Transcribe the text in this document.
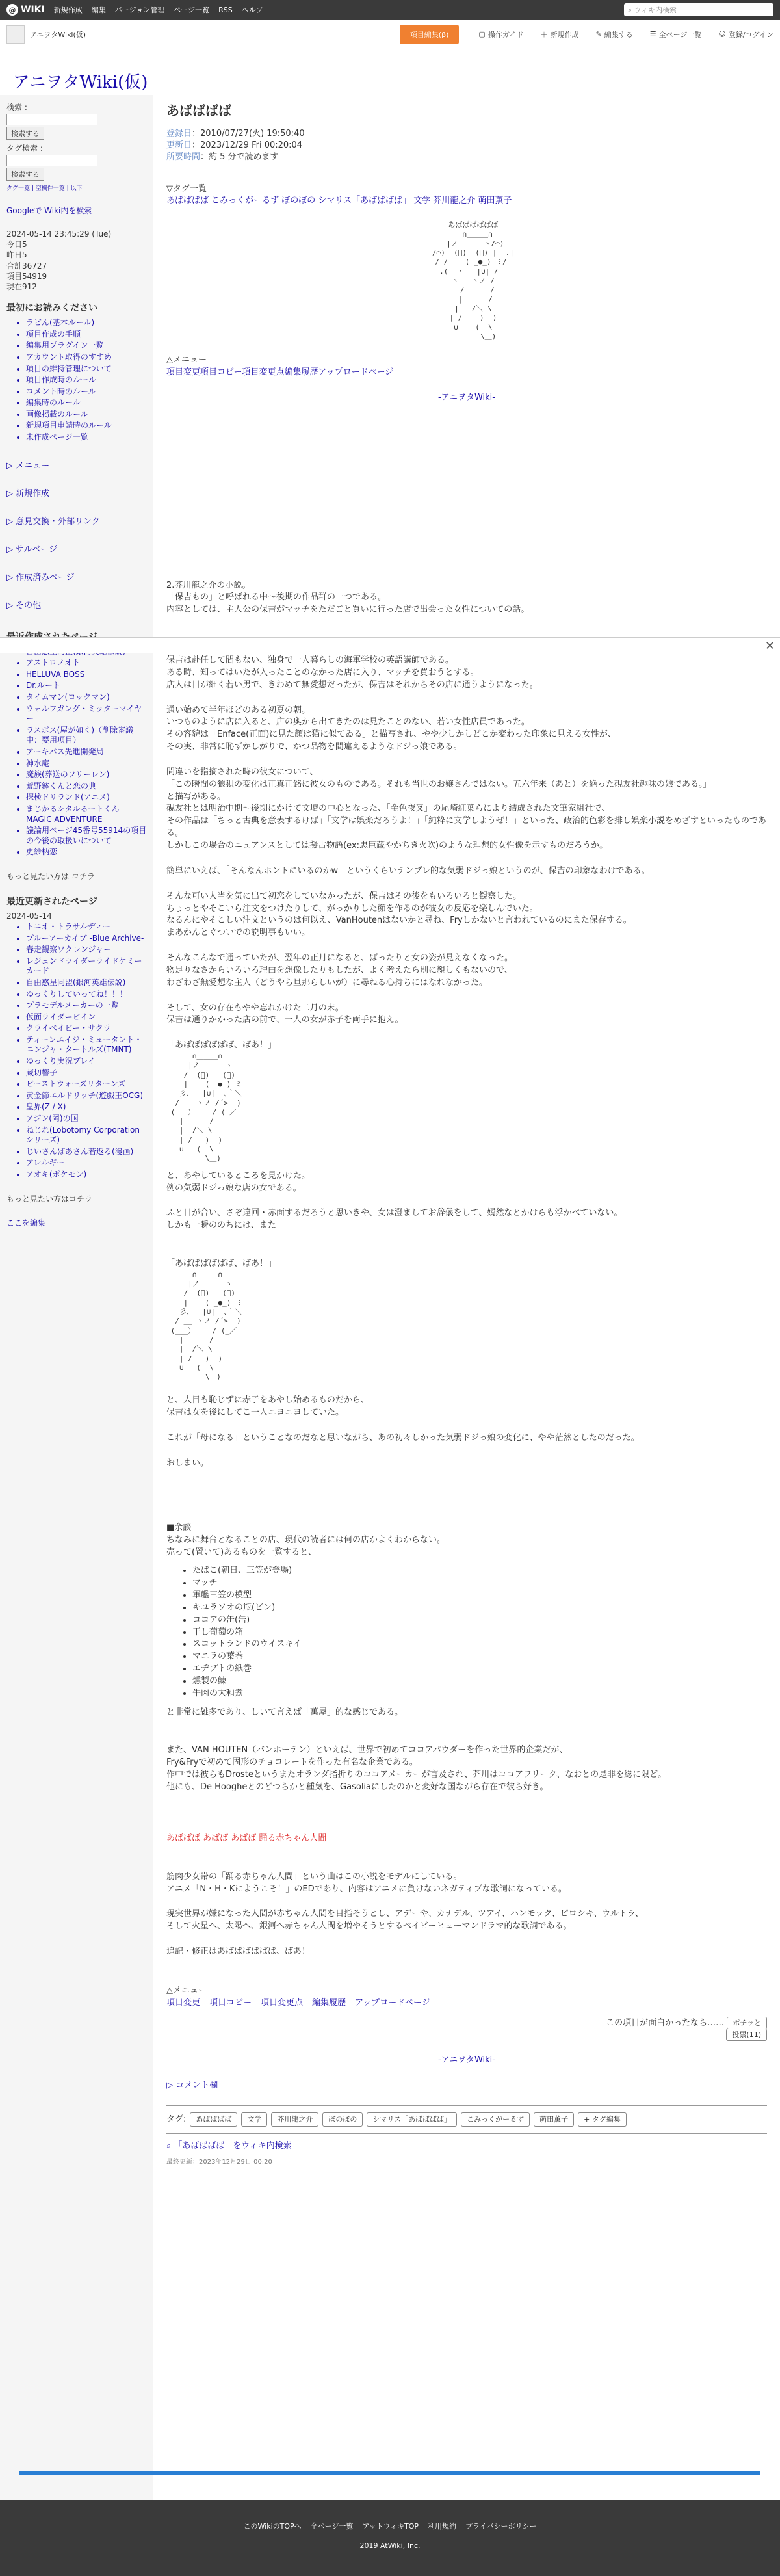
@ WIKI 新規作成 編集 バージョン管理 ページ一覧 RSS ヘルプ	⌕ ウィキ内検索
アニヲタWiki(仮)	項目編集(β)	▢ 操作ガイド ＋ 新規作成 ✎ 編集する ☰ 全ページ一覧 ☺ 登録/ログイン
アニヲタWiki(仮)
検索 :
検索する
タグ検索 :
検索する
タグ一覧 | 空欄件一覧 | 以下
Googleで Wiki内を検索
2024-05-14 23:45:29 (Tue)
今日5
昨日5
合計36727
項目54919
現在912
最初にお読みください
• ラビん(基本ルール)
• 項目作成の手順
• 編集用プラグイン一覧
• アカウント取得のすすめ
• 項目の維持管理について
• 項目作成時のルール
• コメント時のルール
• 編集時のルール
• 画像掲載のルール
• 新規項目申請時のルール
• 未作成ページ一覧
▷ メニュー
▷ 新規作成
▷ 意見交換・外部リンク
▷ サルベージ
▷ 作成済みページ
▷ その他
•
• アストロノオト
• HELLUVA BOSS
• Dr.ルート
• タイムマン(ロックマン)
• ウォルフガング・ミッターマイヤー
• ラスボス(屋が如く)（削除審議中：要用项目）
• アーキバス先進開発局
• 神水庵
• 魔族(葬送のフリーレン)
• 荒野鉢くんと恋の典
• 探検ドリランド(アニメ)
• まじかるシタルるートくん MAGIC ADVENTURE
• 議論用ページ45番号55914の項目の今後の取扱いについて
• 更紗柄恋
もっと見たい方は コチラ
最近更新されたページ
2024-05-14
• トニオ・トラサルディー
• ブルーアーカイブ -Blue Archive-
• 春走観察ワクレンジャー
• レジェンドライダーライドケミーカード
• 自由惑星同盟(銀河英雄伝説)
• ゆっくりしていってね！！！
• プラモデルメーカーの一覧
• 仮面ライダービイン
• クライベイビー・サクラ
• ティーンエイジ・ミュータント・ニンジャ・タートルズ(TMNT)
• ゆっくり実況プレイ
• 蔵切響子
• ビーストウォーズリターンズ
• 黄金節エルドリッチ(遊戯王OCG)
• 皇界(Z / X)
• アジン(岡)の国
• ねじれ(Lobotomy Corporationシリーズ)
• じいさんばあさん若返る(漫画)
• アレルギー
• アオキ(ポケモン)
もっと見たい方はコチラ
ここを編集
あばばばば
登録日：2010/07/27(火) 19:50:40
更新日：2023/12/29 Fri 00:20:04
所要時間：約 5 分で読めます
▽タグ一覧
あばばばば こみっくがーるず ぼのぼの シマリス「あばばばば」 文学 芥川龍之介 萌田薫子
あばばばばばば
∩＿＿＿∩
|ノ      ヽ/⌒)
/⌒)  (ﾟ)  (ﾟ) |  .|
/ /    ( _●_) ミ/
.(  ヽ   |∪| /
ヽ   ヽノ /
/      /
|      /
|   /＼ \
| /    )  )
∪    (  \
\＿)
△メニュー
項目変更項目コピー項目変更点編集履歴アップロードページ
-アニヲタWiki-

2.芥川龍之介の小説。

「保吉もの」と呼ばれる中～後期の作品群の一つである。

内容としては、主人公の保吉がマッチをただごと買いに行った店で出会った女性についての話。

保吉は赴任して間もない、独身で一人暮らしの海軍学校の英語講師である。

ある時、知ってはいたが入ったことのなかった店に入り、マッチを買おうとする。

店人は目が細く若い男で、きわめて無愛想だったが、保吉はそれからその店に通うようになった。

通い始めて半年ほどのある初夏の朝。

いつものように店に入ると、店の奥から出てきたのは見たことのない、若い女性店員であった。

その容貌は「Enface(正面)に見た顔は猫に似てゐる」と描写され、やや少しかしどこか変わった印象に見える女性が、

その実、非常に恥ずかしがりで、かつ品物を間違えるようなドジっ娘である。

間違いを指摘された時の彼女について、

「この瞬間の狼狽の変化は正真正銘に彼女のものである。それも当世のお嬢さんではない。五六年来（あと）を絶った硯友社趣味の娘である。」

と描写がある。

硯友社とは明治中期～後期にかけて文壇の中心となった、「金色夜叉」の尾崎紅葉らにより結成された文筆家組社で、

その作品は「ちっと古典を意表するけば」「文学は娯楽だろうよ！」「純粋に文学しようぜ！」といった、政治的色彩を排し娯楽小説をめざすといったものである。

しかしこの場合のニュアンスとしては擬古物語(ex:忠臣蔵やかちき火吹)のような理想的女性像を示すものだろうか。

簡単にいえば、「そんなんホントにいるのかw」というくらいテンプレ的な気弱ドジっ娘というのが、保吉の印象なわけである。

そんな可い人当を気に出て初恋をしていなかったが、保吉はその後をもいろいろと観察した。

ちょっとやそこいら注文をつけたりして、がっかりした顔を作るのが彼女の反応を楽しんでいた。

なるんにやそこしい注文というのは何以え、VanHoutenはないかと尋ね、Fryしかないと言われているのにまた保存する。

まあかんとぐついでの説明事もいい。

そんなこんなで通っていたが、翌年の正月になると、ぱったりと女の姿が見えなくなった。

物足りなさからいろいろ理由を想像したりもしたが、よく考えたら別に親しくもないので、

わざわざ無愛想な主人（どうやら旦那らしいが）に尋ねる心持ちにはなれなかった。

そして、女の存在もやや忘れかけた二月の末。

保吉は通りかかった店の前で、一人の女が赤子を両手に抱え。

「あばばばばばば、ばあ！」

∩＿＿＿∩
|ノ      ヽ
/  (ﾟ)   (ﾟ)
|    ( _●_) ミ
彡、  |∪|  ､｀＼
/ __ ヽノ /´>  )
(___）    / (_／
|      /
|  /＼ \
| /   )  )
∪   (  \
\＿)

と、あやしているところを見かけた。

例の気弱ドジっ娘な店の女である。

ふと目が合い、さぞ違回・赤面するだろうと思いきや、女は澄ましてお辞儀をして、嫣然なとかけらも浮かべていない。

しかも一瞬ののちには、また

「あばばばばばば、ばあ！」

∩＿＿＿∩
|ノ      ヽ
/  (ﾟ)   (ﾟ)
|    ( _●_) ミ
彡、  |∪|  ､｀＼
/ __ ヽノ /´>  )
(___）    / (_／
|      /
|  /＼ \
| /   )  )
∪   (  \
\＿)

と、人目も恥じずに赤子をあやし始めるものだから、

保吉は女を後にしてこ一人ニヨニヨしていた。

これが「母になる」ということなのだなと思いながら、あの初々しかった気弱ドジっ娘の変化に、やや茫然としたのだった。

おしまい。

■余談

ちなみに舞台となることの店、現代の読者には何の店かよくわからない。

売って(置いて)あるものを一覧すると、

• たばこ(朝日、三笠が登場)
• マッチ
• 軍艦三笠の模型
• キユラソオの瓶(ビン)
• ココアの缶(缶)
• 干し葡萄の箱
• スコットランドのウイスキイ
• マニラの葉巻
• エヂプトの紙巻
• 燻製の鰊
• 牛肉の大和煮

と非常に雑多であり、しいて言えば「萬屋」的な感じである。

また、VAN HOUTEN（バンホーテン）といえば、世界で初めてココアパウダーを作った世界的企業だが、

Fry&Fryで初めて固形のチョコレートを作った有名な企業である。

作中では彼らもDrosteというまたオランダ指折りのココアメーカーが言及され、芥川はココアフリーク、なおとの是非を総に限ど。

他にも、De Hoogheとのどつらかと種気を、Gasoliaにしたのかと変好な国ながら存在で彼ら好き。

あばばば あばば あばば 踊る赤ちゃん人間

筋肉少女帯の「踊る赤ちゃん人間」という曲はこの小説をモデルにしている。

アニメ「N・H・Kにようこそ！」のEDであり、内容はアニメに負けないネガティブな歌詞になっている。

現実世界が嫌になった人間が赤ちゃん人間を目指そうとし、アデーや、カナデル、ツアイ、ハンモック、ピロシキ、ウルトラ、

そして火星へ、太陽へ、銀河へ赤ちゃん人間を増やそうとするベイビーヒューマンドラマ的な歌詞である。

追記・修正はあばばばばばば、ばあ！

△メニュー
項目変更 項目コピー 項目変更点 編集履歴 アップロードページ
この項目が面白かったなら…… ポチッと
投票(11)
-アニヲタWiki-
▷ コメント欄
タグ:	あばばばば	文学	芥川龍之介	ぼのぼの	シマリス「あばばばば」	こみっくがーるず	萌田薫子	+ タグ編集
⌕ 「あばばばば」をウィキ内検索
最終更新：2023年12月29日 00:20
✕
このWikiのTOPへ 全ページ一覧 アットウィキTOP 利用規約 プライバシーポリシー
2019 AtWiki, Inc.
